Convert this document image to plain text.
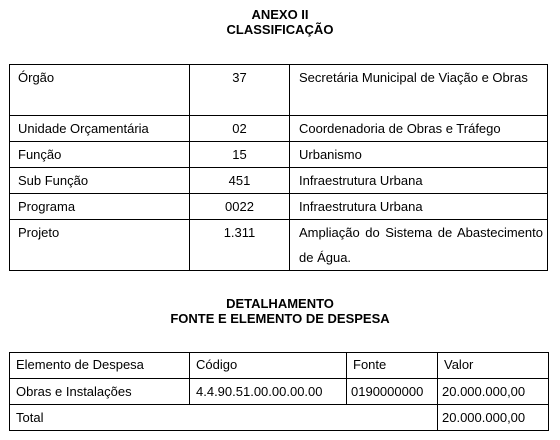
ANEXO II
CLASSIFICAÇÃO
Órgão	37	Secretária Municipal de Viação e Obras
Unidade Orçamentária	02	Coordenadoria de Obras e Tráfego
Função	15	Urbanismo
Sub Função	451	Infraestrutura Urbana
Programa	0022	Infraestrutura Urbana
Projeto	1.311	Ampliação do Sistema de Abastecimento de Água.
DETALHAMENTO
FONTE E ELEMENTO DE DESPESA
Elemento de Despesa	Código	Fonte	Valor
Obras e Instalações	4.4.90.51.00.00.00.00	0190000000	20.000.000,00
Total			20.000.000,00
